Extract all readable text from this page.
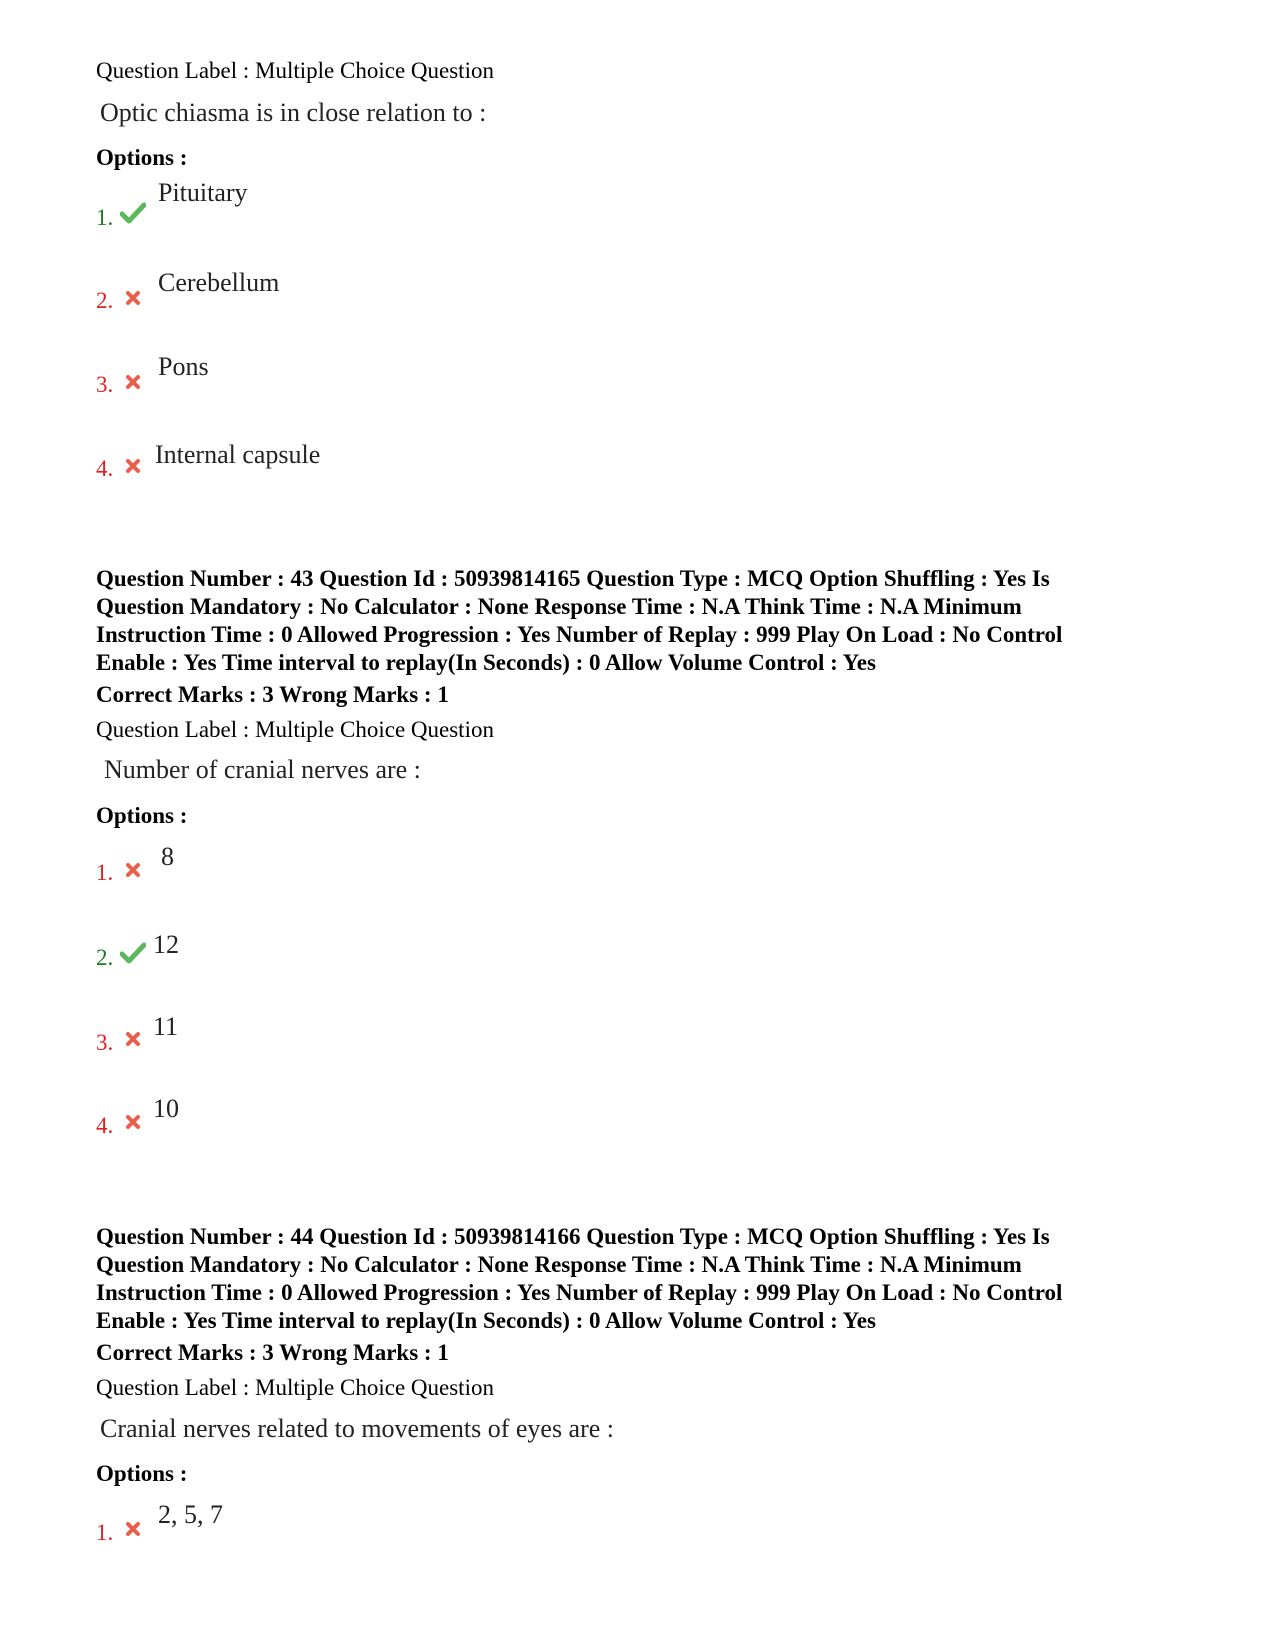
Question Label : Multiple Choice Question
Optic chiasma is in close relation to :
Options :
1.
Pituitary
2.
Cerebellum
3.
Pons
4. Internal capsule
Question Number : 43 Question Id : 50939814165 Question Type : MCQ Option Shuffling : Yes Is
Question Mandatory : No Calculator : None Response Time : N.A Think Time : N.A Minimum
Instruction Time : 0 Allowed Progression : Yes Number of Replay : 999 Play On Load : No Control
Enable : Yes Time interval to replay(In Seconds) : 0 Allow Volume Control : Yes
Correct Marks : 3 Wrong Marks : 1
Question Label : Multiple Choice Question
Number of cranial nerves are :
Options :
1.
8
2. 12
3.
11
4.
10
Question Number : 44 Question Id : 50939814166 Question Type : MCQ Option Shuffling : Yes Is
Question Mandatory : No Calculator : None Response Time : N.A Think Time : N.A Minimum
Instruction Time : 0 Allowed Progression : Yes Number of Replay : 999 Play On Load : No Control
Enable : Yes Time interval to replay(In Seconds) : 0 Allow Volume Control : Yes
Correct Marks : 3 Wrong Marks : 1
Question Label : Multiple Choice Question
Cranial nerves related to movements of eyes are :
Options :
1.
2, 5, 7
